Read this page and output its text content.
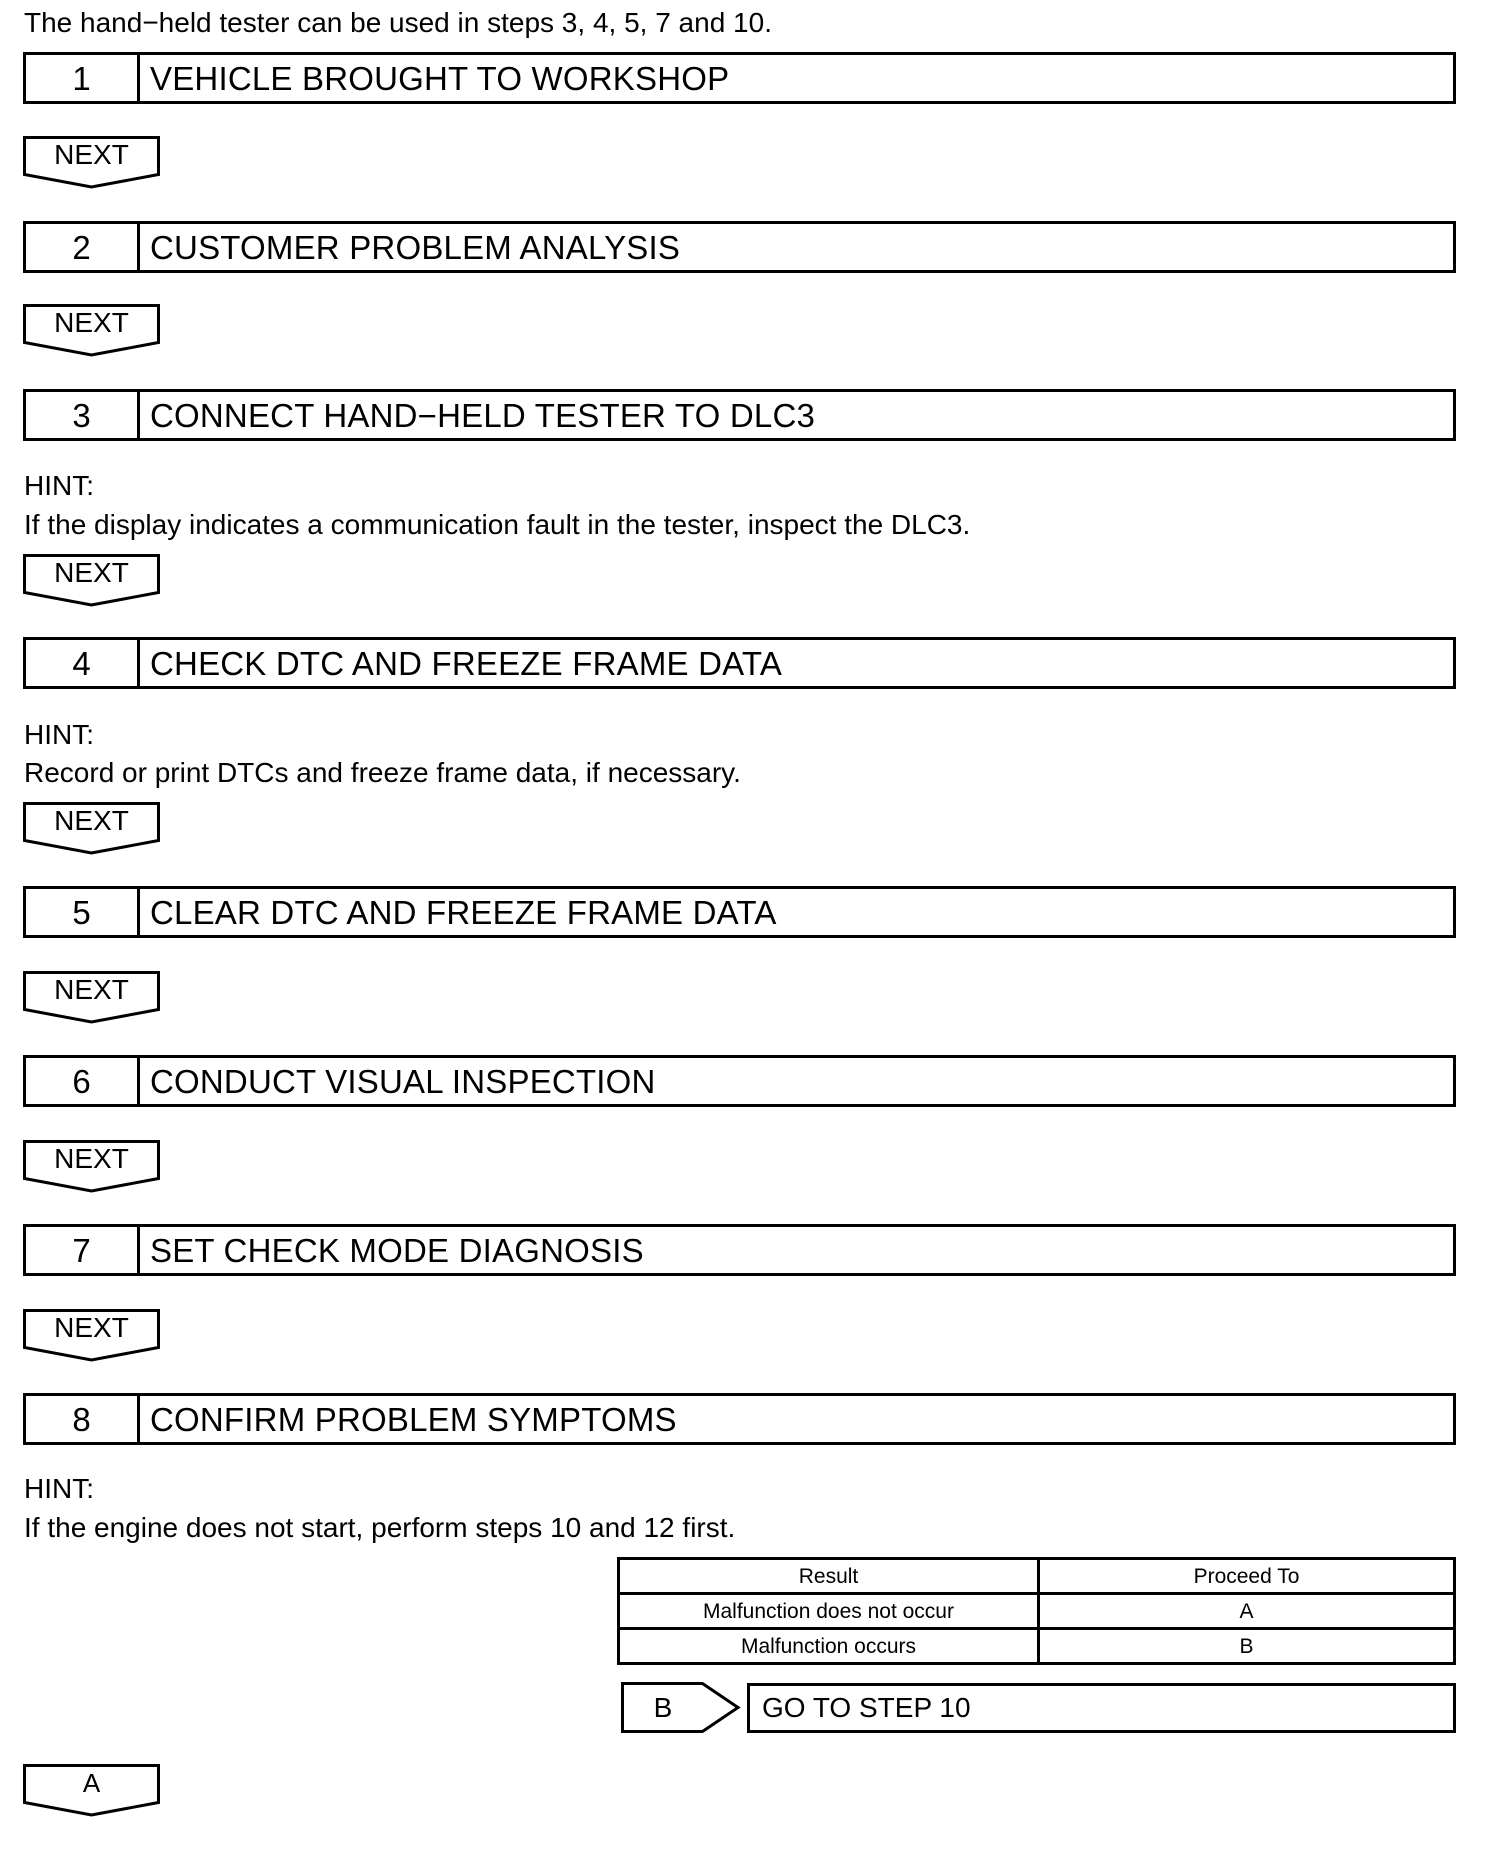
The hand−held tester can be used in steps 3, 4, 5, 7 and 10.
1	VEHICLE BROUGHT TO WORKSHOP
NEXT
2	CUSTOMER PROBLEM ANALYSIS
NEXT
3	CONNECT HAND−HELD TESTER TO DLC3
HINT:
If the display indicates a communication fault in the tester, inspect the DLC3.
NEXT
4	CHECK DTC AND FREEZE FRAME DATA
HINT:
Record or print DTCs and freeze frame data, if necessary.
NEXT
5	CLEAR DTC AND FREEZE FRAME DATA
NEXT
6	CONDUCT VISUAL INSPECTION
NEXT
7	SET CHECK MODE DIAGNOSIS
NEXT
8	CONFIRM PROBLEM SYMPTOMS
HINT:
If the engine does not start, perform steps 10 and 12 first.
Result	Proceed To
Malfunction does not occur	A
Malfunction occurs	B
B	GO TO STEP 10
A
